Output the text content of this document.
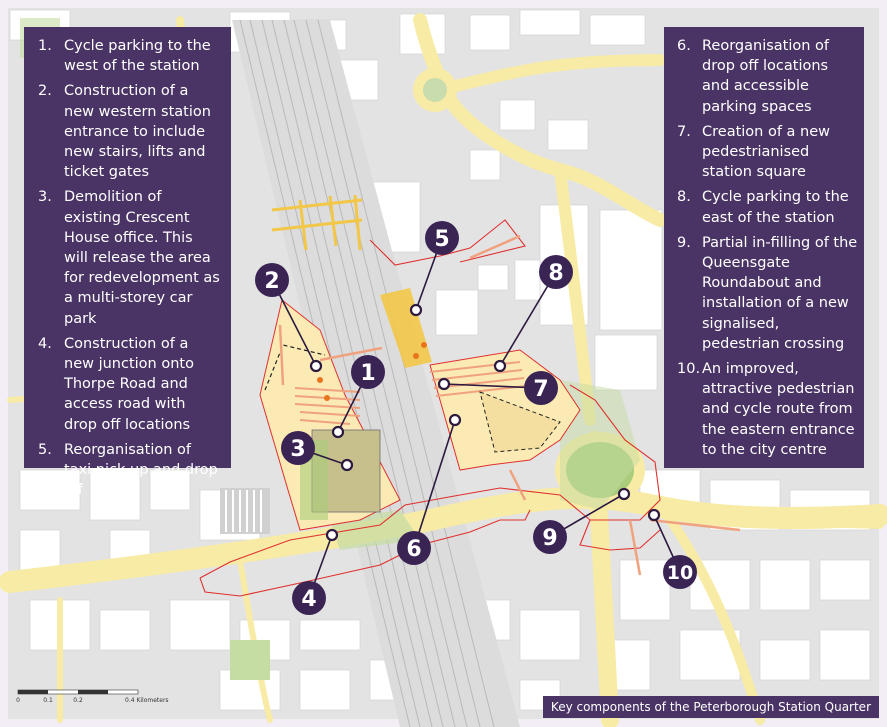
1
2
3
4
5
6
7
8
9
10
0	0.1	0.2	0.4 Kilometers
1. Cycle parking to the west of the station
2. Construction of a new western station entrance to include new stairs, lifts and ticket gates
3. Demolition of existing Crescent House office. This will release the area for redevelopment as a multi-storey car park
4. Construction of a new junction onto Thorpe Road and access road with drop off locations
5. Reorganisation of taxi pick up and drop off
6. Reorganisation of drop off locations and accessible parking spaces
7. Creation of a new pedestrianised station square
8. Cycle parking to the east of the station
9. Partial in-filling of the Queensgate Roundabout and installation of a new signalised, pedestrian crossing
10. An improved, attractive pedestrian and cycle route from the eastern entrance to the city centre
Key components of the Peterborough Station Quarter
